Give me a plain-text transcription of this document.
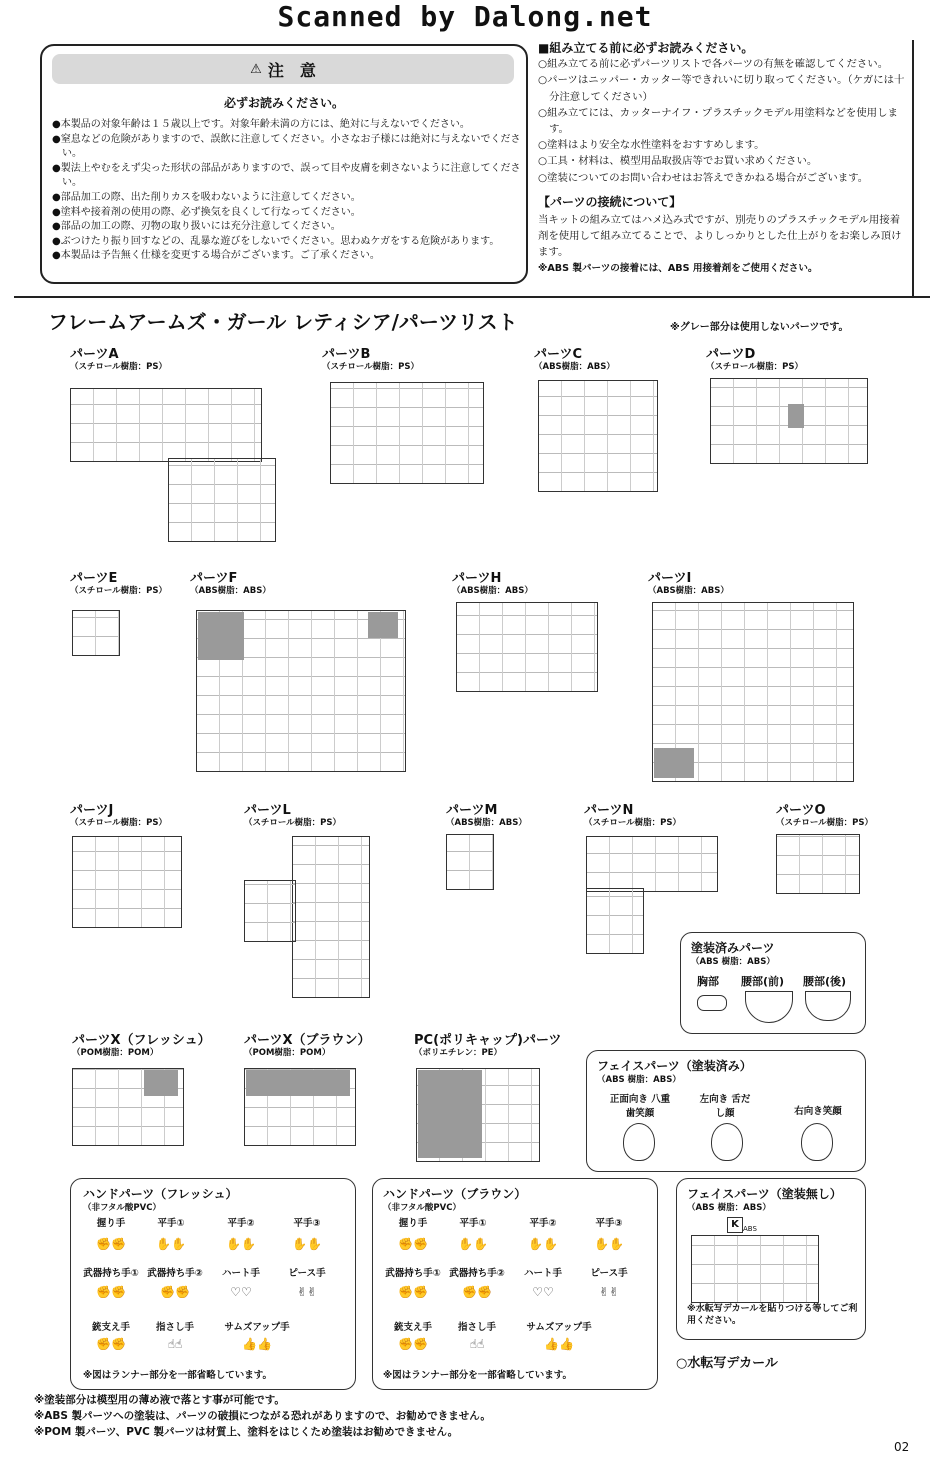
Scanned by Dalong.net
⚠ 注　意
必ずお読みください。
●本製品の対象年齢は１５歳以上です。対象年齢未満の方には、絶対に与えないでください。
●窒息などの危険がありますので、誤飲に注意してください。小さなお子様には絶対に与えないでください。
●製法上やむをえず尖った形状の部品がありますので、誤って目や皮膚を刺さないように注意してください。
●部品加工の際、出た削りカスを吸わないように注意してください。
●塗料や接着剤の使用の際、必ず換気を良くして行なってください。
●部品の加工の際、刃物の取り扱いには充分注意してください。
●ぶつけたり振り回すなどの、乱暴な遊びをしないでください。思わぬケガをする危険があります。
●本製品は予告無く仕様を変更する場合がございます。ご了承ください。
■組み立てる前に必ずお読みください。
○組み立てる前に必ずパーツリストで各パーツの有無を確認してください。
○パーツはニッパー・カッター等できれいに切り取ってください。（ケガには十分注意してください）
○組み立てには、カッターナイフ・プラスチックモデル用塗料などを使用します。
○塗料はより安全な水性塗料をおすすめします。
○工具・材料は、模型用品取扱店等でお買い求めください。
○塗装についてのお問い合わせはお答えできかねる場合がございます。
【パーツの接続について】

当キットの組み立てはハメ込み式ですが、別売りのプラスチックモデル用接着剤を使用して組み立てることで、よりしっかりとした仕上がりをお楽しみ頂けます。

※ABS 製パーツの接着には、ABS 用接着剤をご使用ください。

フレームアームズ・ガール レティシア/パーツリスト	※グレー部分は使用しないパーツです。
パーツA
（スチロール樹脂：PS）
パーツB
（スチロール樹脂：PS）
パーツC
（ABS樹脂：ABS）
パーツD
（スチロール樹脂：PS）
パーツE
（スチロール樹脂：PS）
パーツF
（ABS樹脂：ABS）
パーツH
（ABS樹脂：ABS）
パーツI
（ABS樹脂：ABS）
パーツJ
（スチロール樹脂：PS）
パーツL
（スチロール樹脂：PS）
パーツM
（ABS樹脂：ABS）
パーツN
（スチロール樹脂：PS）
パーツO
（スチロール樹脂：PS）
塗装済みパーツ
（ABS 樹脂：ABS）
胸部 腰部(前) 腰部(後)
パーツX（フレッシュ）
（POM樹脂：POM）
パーツX（ブラウン）
（POM樹脂：POM）
PC(ポリキャップ)パーツ
（ポリエチレン：PE）
フェイスパーツ（塗装済み）
（ABS 樹脂：ABS）
正面向き 八重歯笑顔
左向き 舌だし顔	右向き笑顔
ハンドパーツ（フレッシュ）
（非フタル酸PVC）
握り手	平手①	平手②	平手③
✊✊	✋✋	✋✋	✋✋
武器持ち手① 武器持ち手②	ハート手	ピース手
✊✊	✊✊	♡♡	✌✌
銃支え手	指さし手	サムズアップ手
✊✊	☝☝	👍👍
※図はランナー部分を一部省略しています。
ハンドパーツ（ブラウン）
（非フタル酸PVC）
握り手	平手①	平手②	平手③
✊✊	✋✋	✋✋	✋✋
武器持ち手① 武器持ち手②	ハート手	ピース手
✊✊	✊✊	♡♡	✌✌
銃支え手	指さし手	サムズアップ手
✊✊	☝☝	👍👍
※図はランナー部分を一部省略しています。
フェイスパーツ（塗装無し）
（ABS 樹脂：ABS）
K ABS
※水転写デカールを貼りつける等してご利用ください。
○水転写デカール
※塗装部分は模型用の薄め液で落とす事が可能です。
※ABS 製パーツへの塗装は、パーツの破損につながる恐れがありますので、お勧めできません。
※POM 製パーツ、PVC 製パーツは材質上、塗料をはじくため塗装はお勧めできません。
02
